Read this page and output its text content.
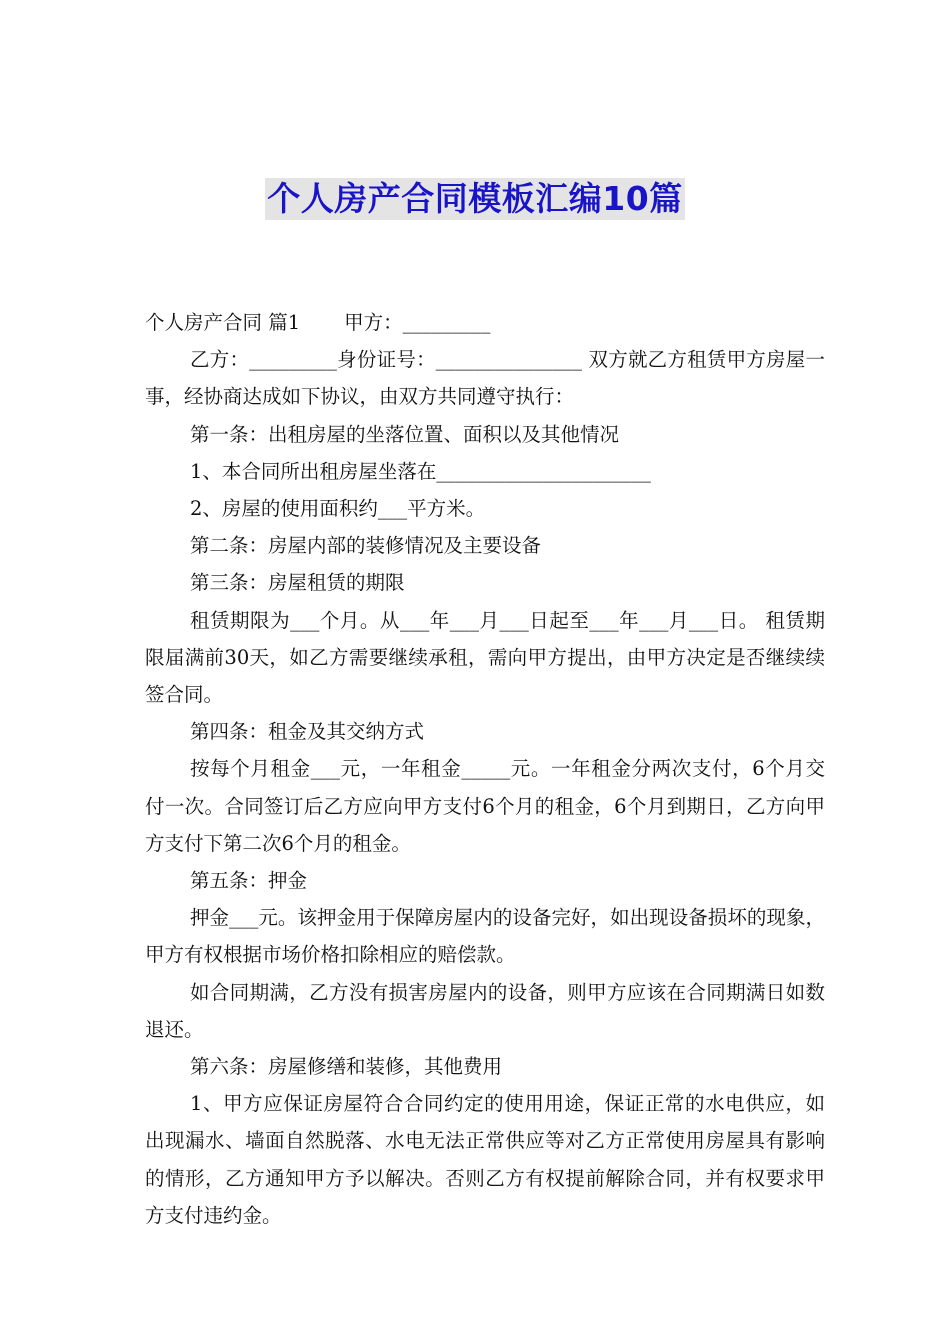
个人房产合同模板汇编10篇

个人房产合同 篇1 甲方：_________

乙方：_________身份证号：_______________ 双方就乙方租赁甲方房屋一事，经协商达成如下协议，由双方共同遵守执行：

第一条：出租房屋的坐落位置、面积以及其他情况

1、本合同所出租房屋坐落在______________________

2、房屋的使用面积约___平方米。

第二条：房屋内部的装修情况及主要设备

第三条：房屋租赁的期限

租赁期限为___个月。从___年___月___日起至___年___月___日。 租赁期限届满前30天，如乙方需要继续承租，需向甲方提出，由甲方决定是否继续续签合同。

第四条：租金及其交纳方式

按每个月租金___元，一年租金_____元。一年租金分两次支付，6个月交付一次。合同签订后乙方应向甲方支付6个月的租金，6个月到期日，乙方向甲方支付下第二次6个月的租金。

第五条：押金

押金___元。该押金用于保障房屋内的设备完好，如出现设备损坏的现象，甲方有权根据市场价格扣除相应的赔偿款。

如合同期满，乙方没有损害房屋内的设备，则甲方应该在合同期满日如数退还。

第六条：房屋修缮和装修，其他费用

1、甲方应保证房屋符合合同约定的使用用途，保证正常的水电供应，如出现漏水、墙面自然脱落、水电无法正常供应等对乙方正常使用房屋具有影响的情形，乙方通知甲方予以解决。否则乙方有权提前解除合同，并有权要求甲方支付违约金。
